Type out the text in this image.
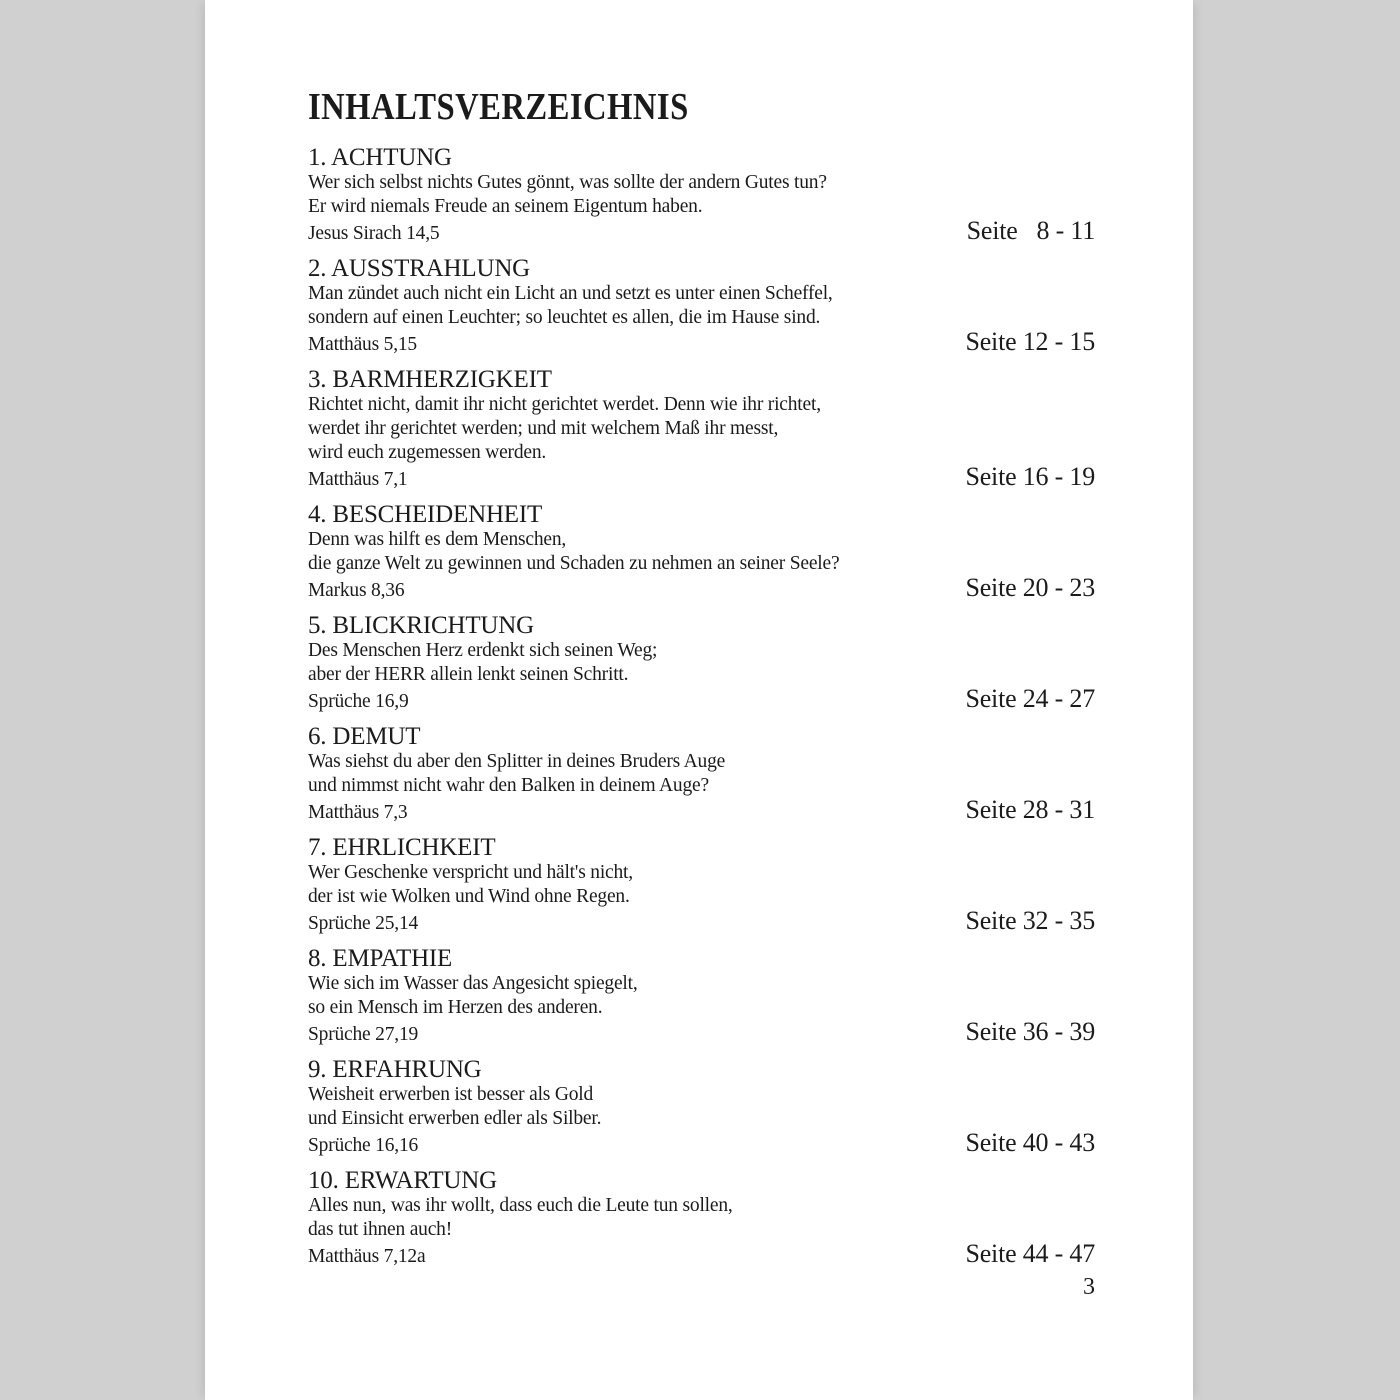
INHALTSVERZEICHNIS
1. ACHTUNG
Wer sich selbst nichts Gutes gönnt, was sollte der andern Gutes tun?
Er wird niemals Freude an seinem Eigentum haben.
Jesus Sirach 14,5	Seite   8 - 11
2. AUSSTRAHLUNG
Man zündet auch nicht ein Licht an und setzt es unter einen Scheffel,
sondern auf einen Leuchter; so leuchtet es allen, die im Hause sind.
Matthäus 5,15	Seite 12 - 15
3. BARMHERZIGKEIT
Richtet nicht, damit ihr nicht gerichtet werdet. Denn wie ihr richtet,
werdet ihr gerichtet werden; und mit welchem Maß ihr messt,
wird euch zugemessen werden.
Matthäus 7,1	Seite 16 - 19
4. BESCHEIDENHEIT
Denn was hilft es dem Menschen,
die ganze Welt zu gewinnen und Schaden zu nehmen an seiner Seele?
Markus 8,36	Seite 20 - 23
5. BLICKRICHTUNG
Des Menschen Herz erdenkt sich seinen Weg;
aber der HERR allein lenkt seinen Schritt.
Sprüche 16,9	Seite 24 - 27
6. DEMUT
Was siehst du aber den Splitter in deines Bruders Auge
und nimmst nicht wahr den Balken in deinem Auge?
Matthäus 7,3	Seite 28 - 31
7. EHRLICHKEIT
Wer Geschenke verspricht und hält's nicht,
der ist wie Wolken und Wind ohne Regen.
Sprüche 25,14	Seite 32 - 35
8. EMPATHIE
Wie sich im Wasser das Angesicht spiegelt,
so ein Mensch im Herzen des anderen.
Sprüche 27,19	Seite 36 - 39
9. ERFAHRUNG
Weisheit erwerben ist besser als Gold
und Einsicht erwerben edler als Silber.
Sprüche 16,16	Seite 40 - 43
10. ERWARTUNG
Alles nun, was ihr wollt, dass euch die Leute tun sollen,
das tut ihnen auch!
Matthäus 7,12a	Seite 44 - 47
3
